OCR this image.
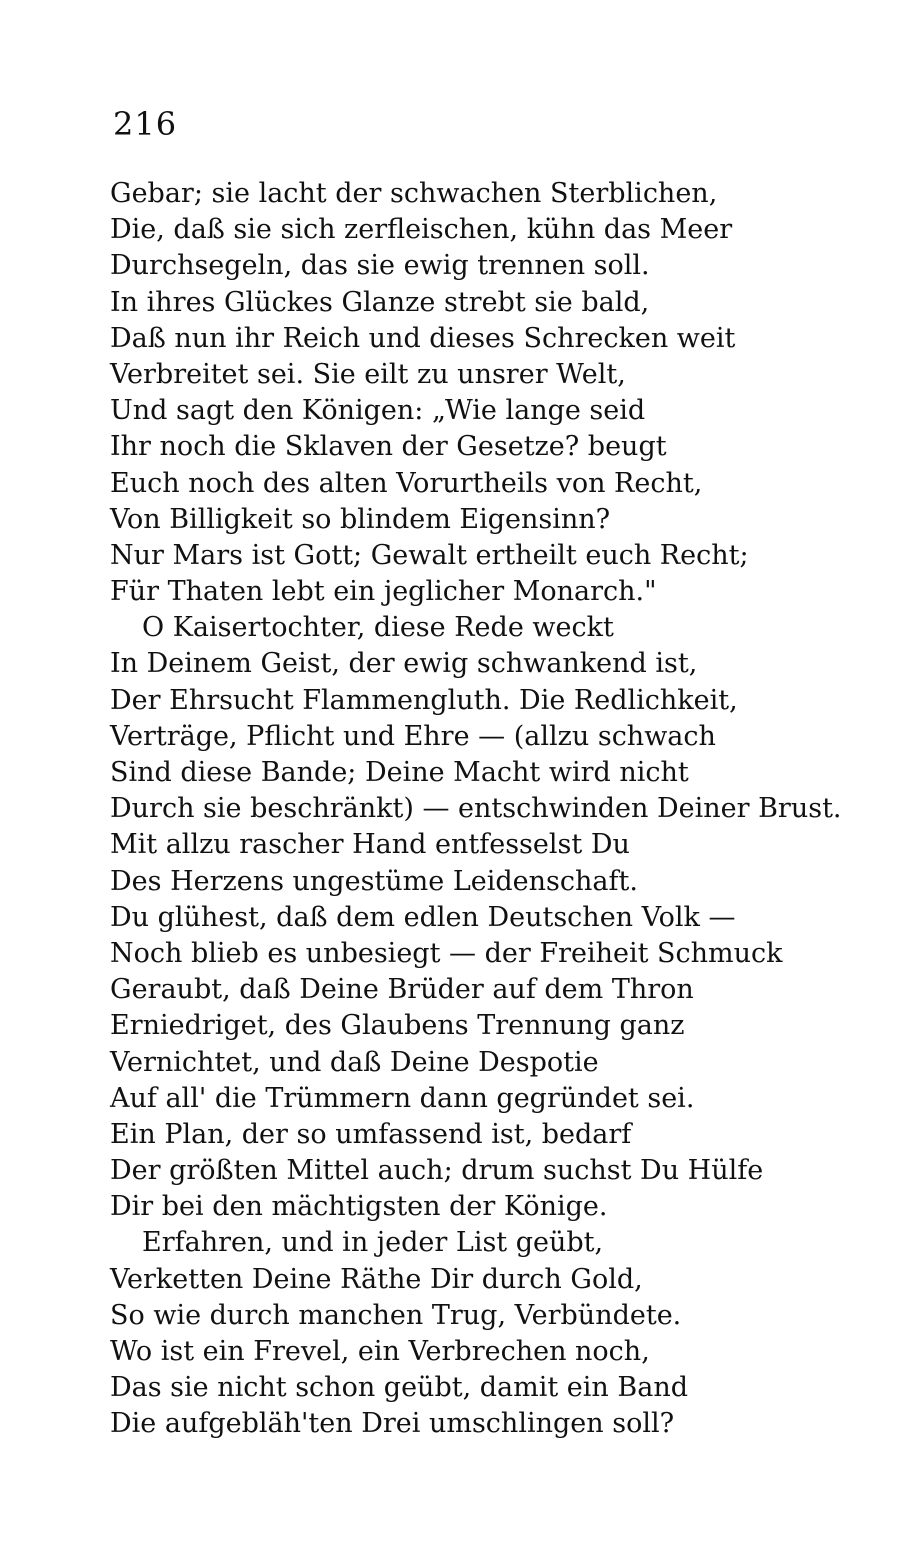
216
Gebar; sie lacht der schwachen Sterblichen,
Die, daß sie sich zerfleischen, kühn das Meer
Durchsegeln, das sie ewig trennen soll.
In ihres Glückes Glanze strebt sie bald,
Daß nun ihr Reich und dieses Schrecken weit
Verbreitet sei. Sie eilt zu unsrer Welt,
Und sagt den Königen: „Wie lange seid
Ihr noch die Sklaven der Gesetze? beugt
Euch noch des alten Vorurtheils von Recht,
Von Billigkeit so blindem Eigensinn?
Nur Mars ist Gott; Gewalt ertheilt euch Recht;
Für Thaten lebt ein jeglicher Monarch."
O Kaisertochter, diese Rede weckt
In Deinem Geist, der ewig schwankend ist,
Der Ehrsucht Flammengluth. Die Redlichkeit,
Verträge, Pflicht und Ehre — (allzu schwach
Sind diese Bande; Deine Macht wird nicht
Durch sie beschränkt) — entschwinden Deiner Brust.
Mit allzu rascher Hand entfesselst Du
Des Herzens ungestüme Leidenschaft.
Du glühest, daß dem edlen Deutschen Volk —
Noch blieb es unbesiegt — der Freiheit Schmuck
Geraubt, daß Deine Brüder auf dem Thron
Erniedriget, des Glaubens Trennung ganz
Vernichtet, und daß Deine Despotie
Auf all' die Trümmern dann gegründet sei.
Ein Plan, der so umfassend ist, bedarf
Der größten Mittel auch; drum suchst Du Hülfe
Dir bei den mächtigsten der Könige.
Erfahren, und in jeder List geübt,
Verketten Deine Räthe Dir durch Gold,
So wie durch manchen Trug, Verbündete.
Wo ist ein Frevel, ein Verbrechen noch,
Das sie nicht schon geübt, damit ein Band
Die aufgebläh'ten Drei umschlingen soll?
